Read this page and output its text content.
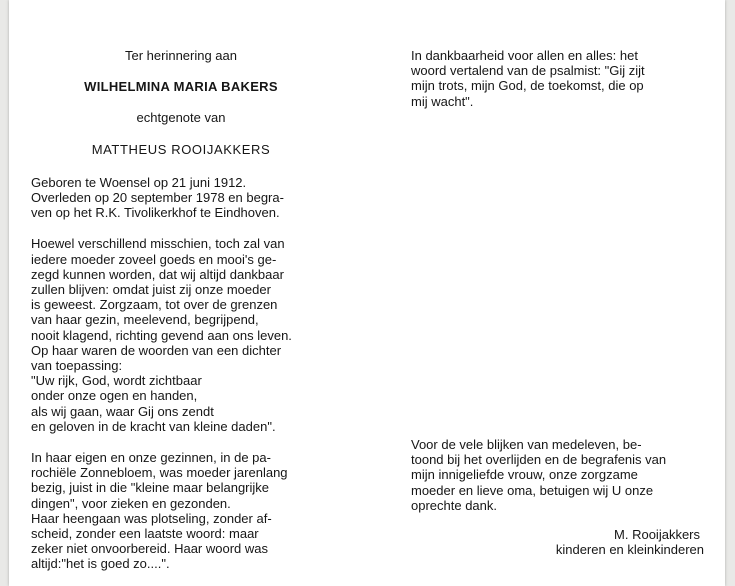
Ter herinnering aan
WILHELMINA MARIA BAKERS
echtgenote van
MATTHEUS ROOIJAKKERS
Geboren te Woensel op 21 juni 1912.
Overleden op 20 september 1978 en begra-
ven op het R.K. Tivolikerkhof te Eindhoven.
Hoewel verschillend misschien, toch zal van
iedere moeder zoveel goeds en mooi's ge-
zegd kunnen worden, dat wij altijd dankbaar
zullen blijven: omdat juist zij onze moeder
is geweest. Zorgzaam, tot over de grenzen
van haar gezin, meelevend, begrijpend,
nooit klagend, richting gevend aan ons leven.
Op haar waren de woorden van een dichter
van toepassing:
"Uw rijk, God, wordt zichtbaar
onder onze ogen en handen,
als wij gaan, waar Gij ons zendt
en geloven in de kracht van kleine daden".
In haar eigen en onze gezinnen, in de pa-
rochiële Zonnebloem, was moeder jarenlang
bezig, juist in die "kleine maar belangrijke
dingen", voor zieken en gezonden.
Haar heengaan was plotseling, zonder af-
scheid, zonder een laatste woord: maar
zeker niet onvoorbereid. Haar woord was
altijd:"het is goed zo....".
In dankbaarheid voor allen en alles: het
woord vertalend van de psalmist: "Gij zijt
mijn trots, mijn God, de toekomst, die op
mij wacht".
Voor de vele blijken van medeleven, be-
toond bij het overlijden en de begrafenis van
mijn innigeliefde vrouw, onze zorgzame
moeder en lieve oma, betuigen wij U onze
oprechte dank.
M. Rooijakkers
kinderen en kleinkinderen
